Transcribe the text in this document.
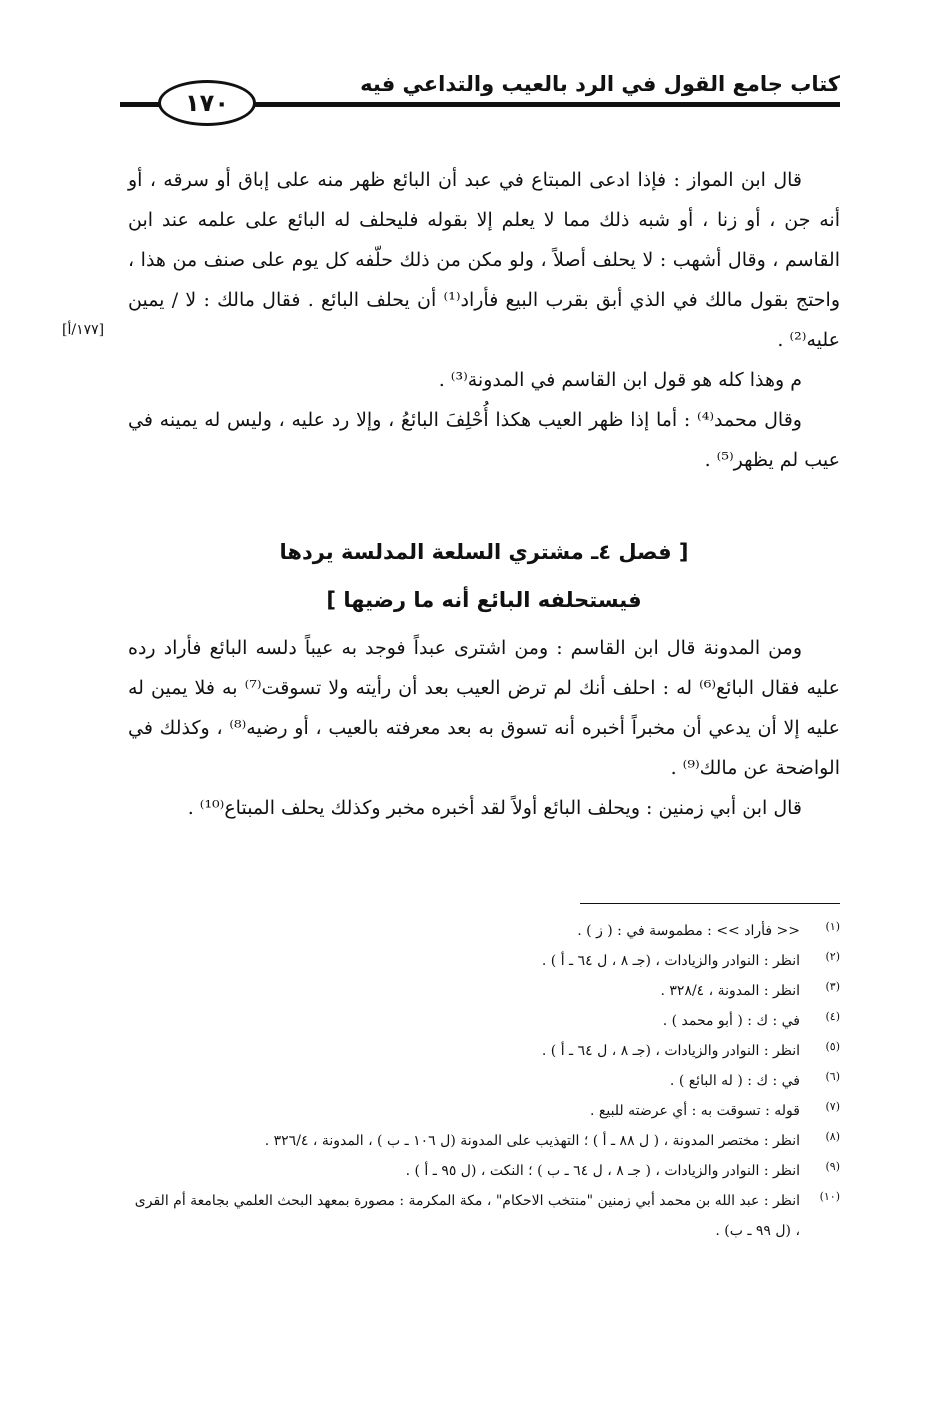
١٧٠
كتاب جامع القول في الرد بالعيب والتداعي فيه
[١٧٧/أ]

قال ابن المواز : فإذا ادعى المبتاع في عبد أن البائع ظهر منه على إباق أو سرقه ، أو أنه جن ، أو زنا ، أو شبه ذلك مما لا يعلم إلا بقوله فليحلف له البائع على علمه عند ابن القاسم ، وقال أشهب : لا يحلف أصلاً ، ولو مكن من ذلك حلّفه كل يوم على صنف من هذا ، واحتج بقول مالك في الذي أبق بقرب البيع فأراد⁽¹⁾ أن يحلف البائع . فقال مالك : لا / يمين عليه⁽²⁾ .

م وهذا كله هو قول ابن القاسم في المدونة⁽³⁾ .

وقال محمد⁽⁴⁾ : أما إذا ظهر العيب هكذا أُحْلِفَ البائعُ ، وإلا رد عليه ، وليس له يمينه في عيب لم يظهر⁽⁵⁾ .

[ فصل ٤ـ مشتري السلعة المدلسة يردها
فيستحلفه البائع أنه ما رضيها ]

ومن المدونة قال ابن القاسم : ومن اشترى عبداً فوجد به عيباً دلسه البائع فأراد رده عليه فقال البائع⁽⁶⁾ له : احلف أنك لم ترض العيب بعد أن رأيته ولا تسوقت⁽⁷⁾ به فلا يمين له عليه إلا أن يدعي أن مخبراً أخبره أنه تسوق به بعد معرفته بالعيب ، أو رضيه⁽⁸⁾ ، وكذلك في الواضحة عن مالك⁽⁹⁾ .

قال ابن أبي زمنين : ويحلف البائع أولاً لقد أخبره مخبر وكذلك يحلف المبتاع⁽¹⁰⁾ .

(١)
<< فأراد >> : مطموسة في : ( ز ) .
(٢)
انظر : النوادر والزيادات ، (جـ ٨ ، ل ٦٤ ـ أ ) .
(٣)
انظر : المدونة ، ٣٢٨/٤ .
(٤)
في : ك : ( أبو محمد ) .
(٥)
انظر : النوادر والزيادات ، (جـ ٨ ، ل ٦٤ ـ أ ) .
(٦)
في : ك : ( له البائع ) .
(٧)
قوله : تسوقت به : أي عرضته للبيع .
(٨)
انظر : مختصر المدونة ، ( ل ٨٨ ـ أ ) ؛ التهذيب على المدونة (ل ١٠٦ ـ ب ) ، المدونة ، ٣٢٦/٤ .
(٩)
انظر : النوادر والزيادات ، ( جـ ٨ ، ل ٦٤ ـ ب ) ؛ النكت ، (ل ٩٥ ـ أ ) .
(١٠)
انظر : عبد الله بن محمد أبي زمنين "منتخب الاحكام" ، مكة المكرمة : مصورة بمعهد البحث العلمي بجامعة أم القرى ، (ل ٩٩ ـ ب) .
